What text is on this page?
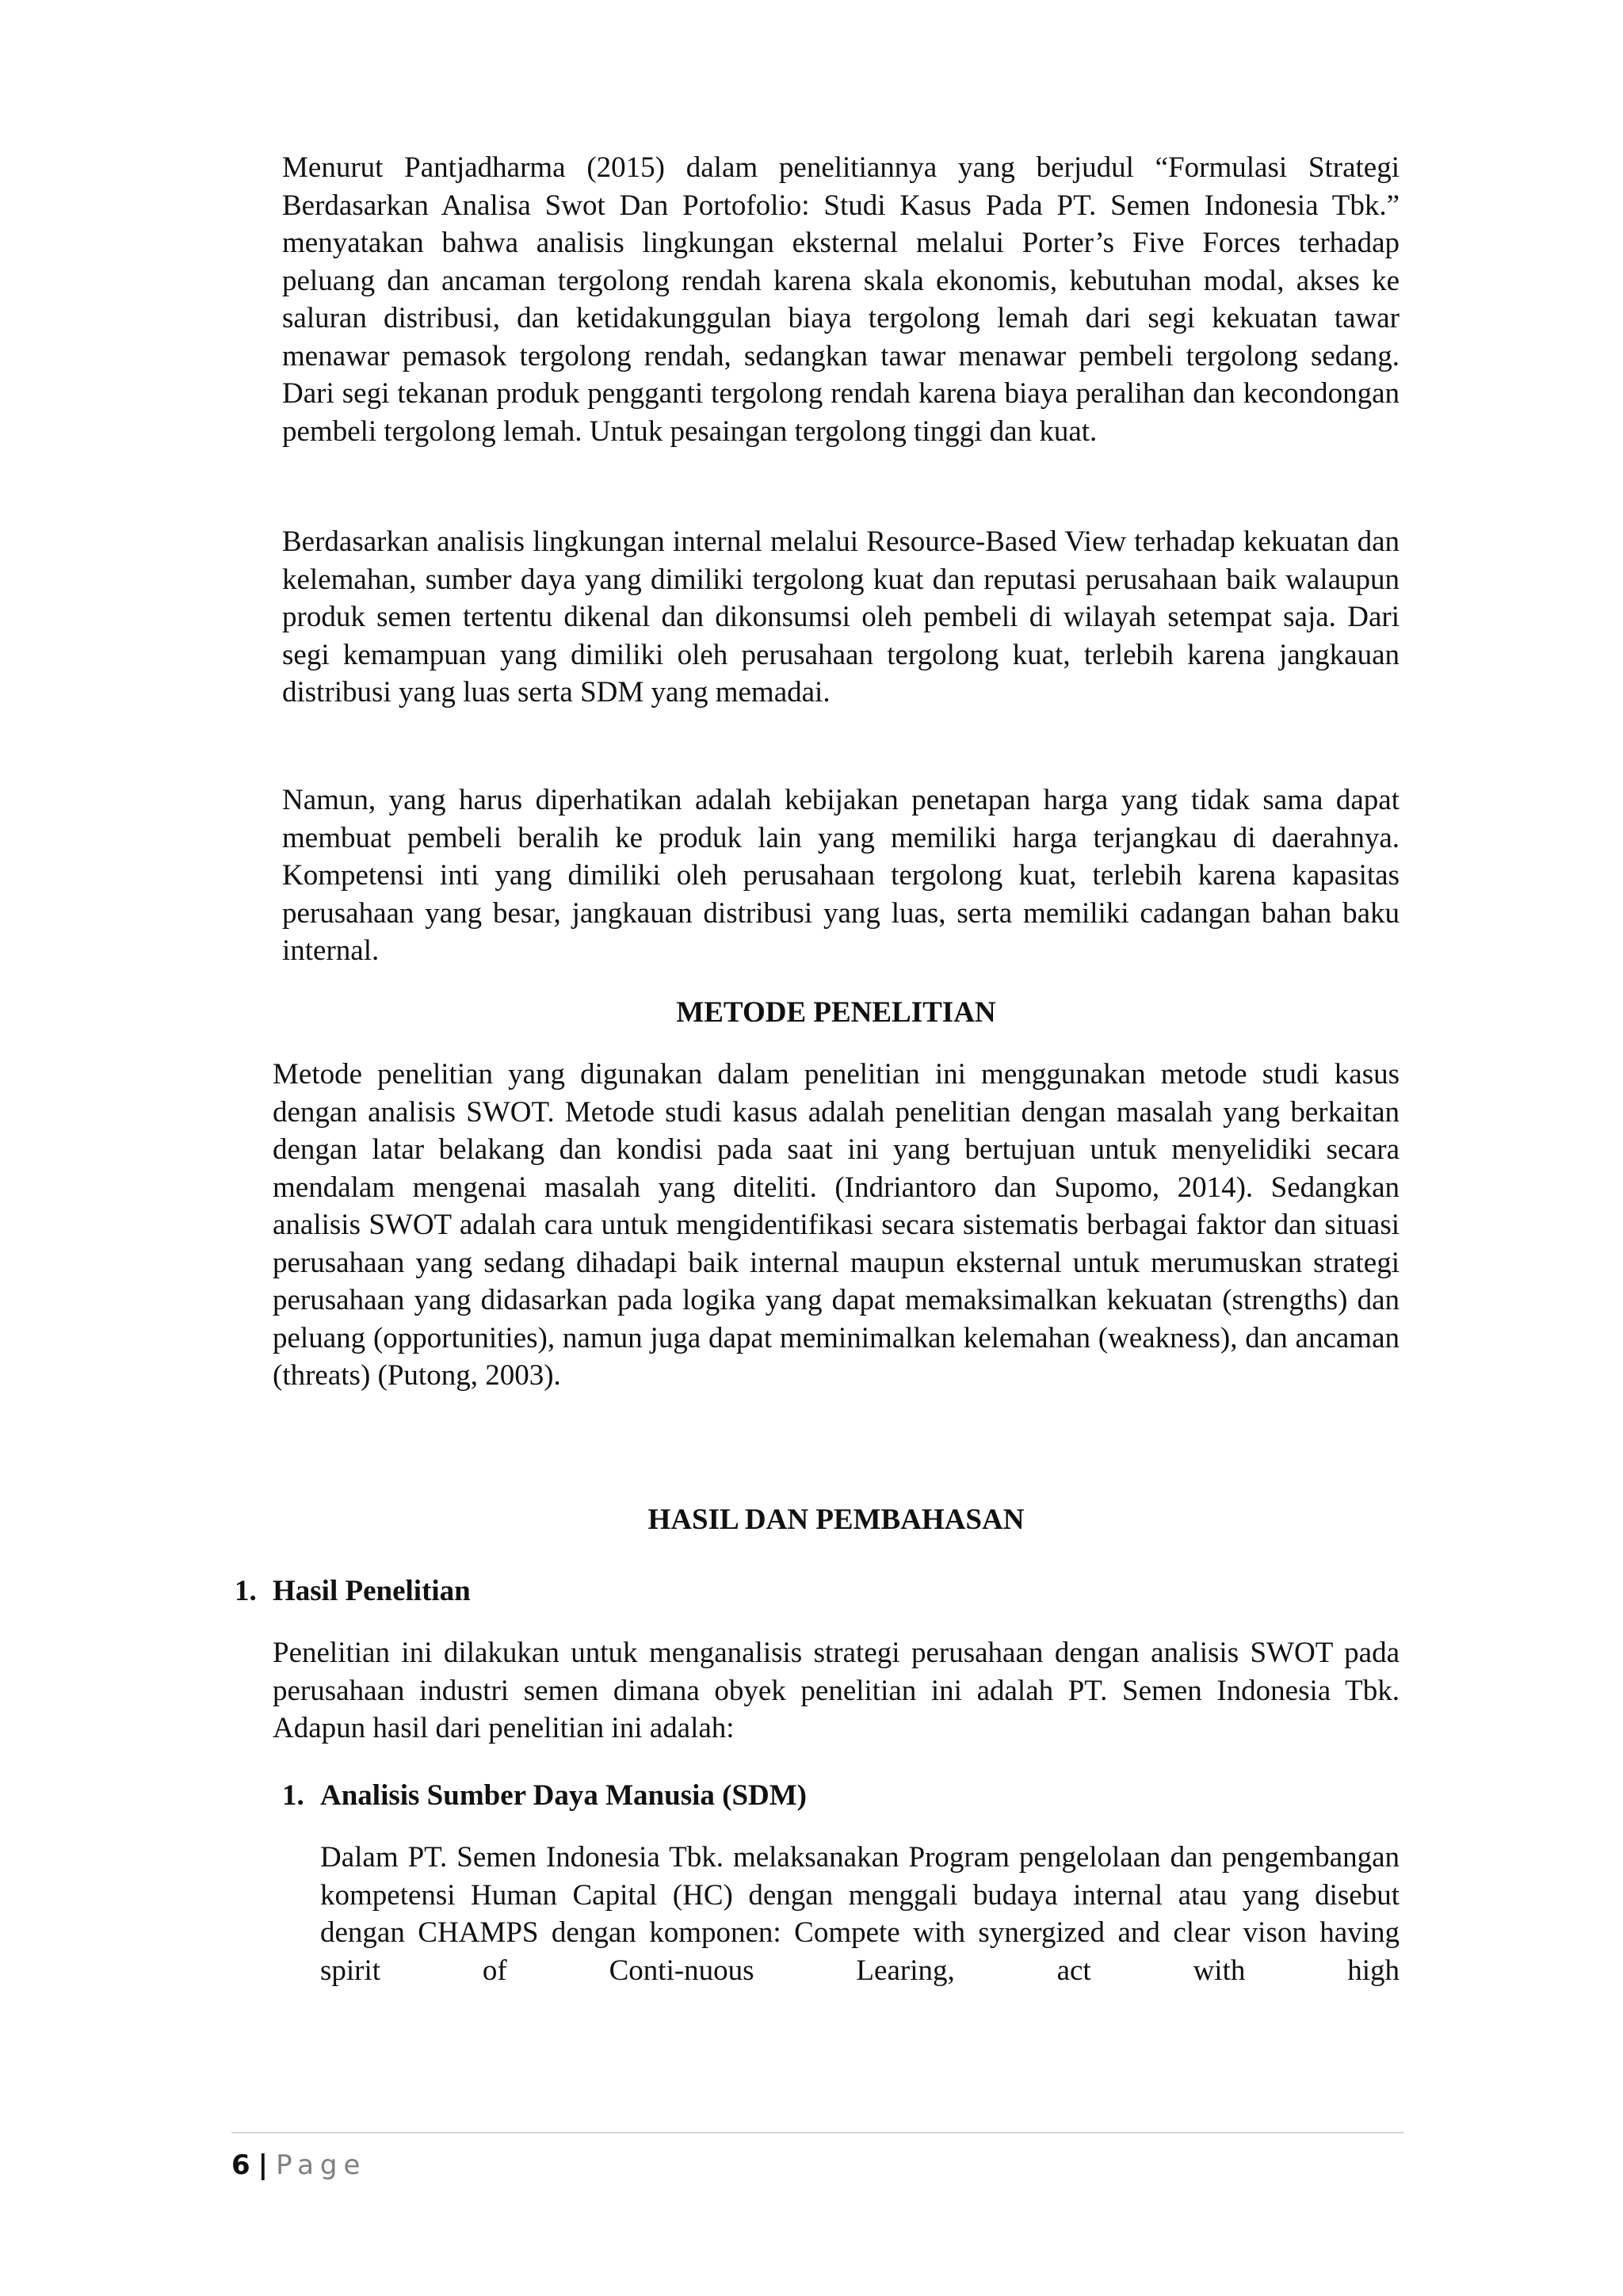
Menurut Pantjadharma (2015) dalam penelitiannya yang berjudul “Formulasi Strategi Berdasarkan Analisa Swot Dan Portofolio: Studi Kasus Pada PT. Semen Indonesia Tbk.” menyatakan bahwa analisis lingkungan eksternal melalui Porter’s Five Forces terhadap peluang dan ancaman tergolong rendah karena skala ekonomis, kebutuhan modal, akses ke saluran distribusi, dan ketidakunggulan biaya tergolong lemah dari segi kekuatan tawar menawar pemasok tergolong rendah, sedangkan tawar menawar pembeli tergolong sedang. Dari segi tekanan produk pengganti tergolong rendah karena biaya peralihan dan kecondongan pembeli tergolong lemah. Untuk pesaingan tergolong tinggi dan kuat.

Berdasarkan analisis lingkungan internal melalui Resource-Based View terhadap kekuatan dan kelemahan, sumber daya yang dimiliki tergolong kuat dan reputasi perusahaan baik walaupun produk semen tertentu dikenal dan dikonsumsi oleh pembeli di wilayah setempat saja. Dari segi kemampuan yang dimiliki oleh perusahaan tergolong kuat, terlebih karena jangkauan distribusi yang luas serta SDM yang memadai.

Namun, yang harus diperhatikan adalah kebijakan penetapan harga yang tidak sama dapat membuat pembeli beralih ke produk lain yang memiliki harga terjangkau di daerahnya. Kompetensi inti yang dimiliki oleh perusahaan tergolong kuat, terlebih karena kapasitas perusahaan yang besar, jangkauan distribusi yang luas, serta memiliki cadangan bahan baku internal.

METODE PENELITIAN

Metode penelitian yang digunakan dalam penelitian ini menggunakan metode studi kasus dengan analisis SWOT. Metode studi kasus adalah penelitian dengan masalah yang berkaitan dengan latar belakang dan kondisi pada saat ini yang bertujuan untuk menyelidiki secara mendalam mengenai masalah yang diteliti. (Indriantoro dan Supomo, 2014). Sedangkan analisis SWOT adalah cara untuk mengidentifikasi secara sistematis berbagai faktor dan situasi perusahaan yang sedang dihadapi baik internal maupun eksternal untuk merumuskan strategi perusahaan yang didasarkan pada logika yang dapat memaksimalkan kekuatan (strengths) dan peluang (opportunities), namun juga dapat meminimalkan kelemahan (weakness), dan ancaman (threats) (Putong, 2003).

HASIL DAN PEMBAHASAN
1. Hasil Penelitian

Penelitian ini dilakukan untuk menganalisis strategi perusahaan dengan analisis SWOT pada perusahaan industri semen dimana obyek penelitian ini adalah PT. Semen Indonesia Tbk. Adapun hasil dari penelitian ini adalah:

1. Analisis Sumber Daya Manusia (SDM)

Dalam PT. Semen Indonesia Tbk. melaksanakan Program pengelolaan dan pengembangan kompetensi Human Capital (HC) dengan menggali budaya internal atau yang disebut dengan CHAMPS dengan komponen: Compete with synergized and clear vison having spirit of Conti-nuous Learing, act with high

6 | Page
